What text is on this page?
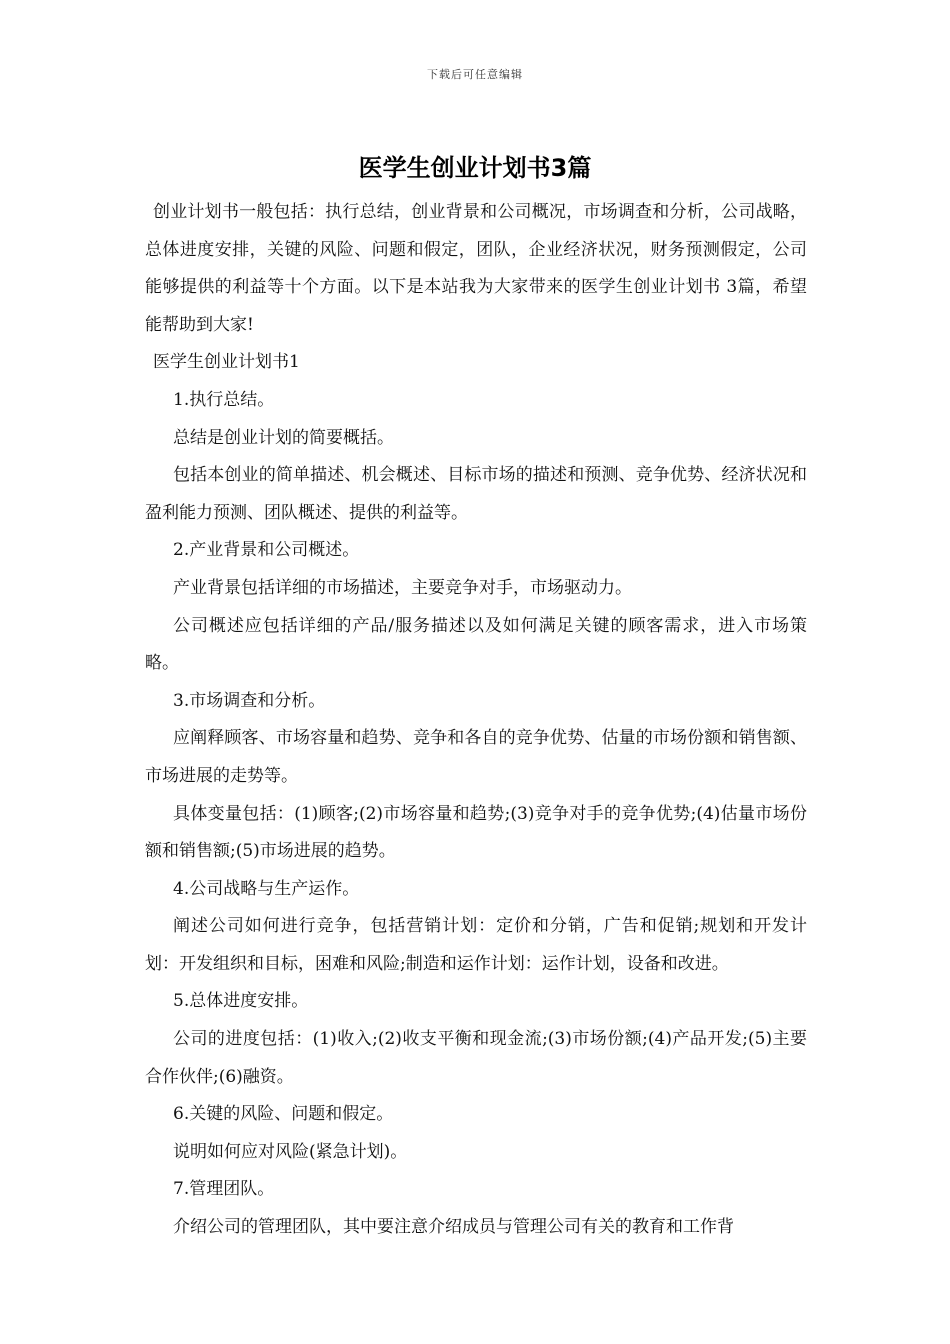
下载后可任意编辑
医学生创业计划书3篇

创业计划书一般包括：执行总结，创业背景和公司概况，市场调查和分析，公司战略，总体进度安排，关键的风险、问题和假定，团队，企业经济状况，财务预测假定，公司能够提供的利益等十个方面。以下是本站我为大家带来的医学生创业计划书 3篇，希望能帮助到大家!

医学生创业计划书1

1.执行总结。

总结是创业计划的简要概括。

包括本创业的简单描述、机会概述、目标市场的描述和预测、竞争优势、经济状况和盈利能力预测、团队概述、提供的利益等。

2.产业背景和公司概述。

产业背景包括详细的市场描述，主要竞争对手，市场驱动力。

公司概述应包括详细的产品/服务描述以及如何满足关键的顾客需求，进入市场策略。

3.市场调查和分析。

应阐释顾客、市场容量和趋势、竞争和各自的竞争优势、估量的市场份额和销售额、市场进展的走势等。

具体变量包括：(1)顾客;(2)市场容量和趋势;(3)竞争对手的竞争优势;(4)估量市场份额和销售额;(5)市场进展的趋势。

4.公司战略与生产运作。

阐述公司如何进行竞争，包括营销计划：定价和分销，广告和促销;规划和开发计划：开发组织和目标，困难和风险;制造和运作计划：运作计划，设备和改进。

5.总体进度安排。

公司的进度包括：(1)收入;(2)收支平衡和现金流;(3)市场份额;(4)产品开发;(5)主要合作伙伴;(6)融资。

6.关键的风险、问题和假定。

说明如何应对风险(紧急计划)。

7.管理团队。

介绍公司的管理团队，其中要注意介绍成员与管理公司有关的教育和工作背
